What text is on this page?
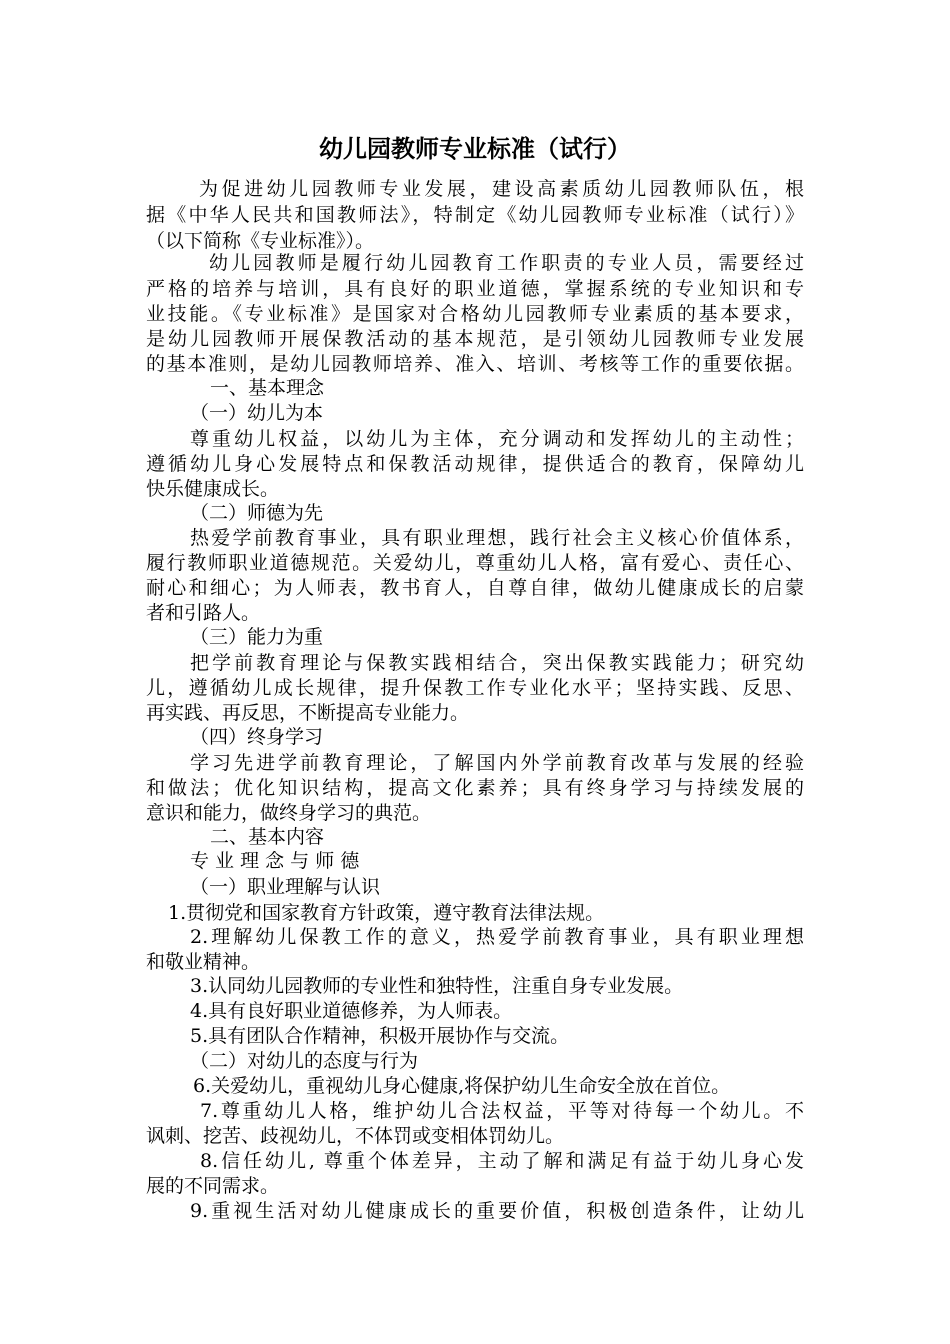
幼儿园教师专业标准（试行）
为促进幼儿园教师专业发展，建设高素质幼儿园教师队伍，根
据《中华人民共和国教师法》，特制定《幼儿园教师专业标准（试行）》
（以下简称《专业标准》）。
幼儿园教师是履行幼儿园教育工作职责的专业人员，需要经过
严格的培养与培训，具有良好的职业道德，掌握系统的专业知识和专
业技能。《专业标准》是国家对合格幼儿园教师专业素质的基本要求，
是幼儿园教师开展保教活动的基本规范，是引领幼儿园教师专业发展
的基本准则，是幼儿园教师培养、准入、培训、考核等工作的重要依据。
一、基本理念
（一）幼儿为本
尊重幼儿权益，以幼儿为主体，充分调动和发挥幼儿的主动性；
遵循幼儿身心发展特点和保教活动规律，提供适合的教育，保障幼儿
快乐健康成长。
（二）师德为先
热爱学前教育事业，具有职业理想，践行社会主义核心价值体系，
履行教师职业道德规范。关爱幼儿，尊重幼儿人格，富有爱心、责任心、
耐心和细心；为人师表，教书育人，自尊自律，做幼儿健康成长的启蒙
者和引路人。
（三）能力为重
把学前教育理论与保教实践相结合，突出保教实践能力；研究幼
儿，遵循幼儿成长规律，提升保教工作专业化水平；坚持实践、反思、
再实践、再反思，不断提高专业能力。
（四）终身学习
学习先进学前教育理论，了解国内外学前教育改革与发展的经验
和做法；优化知识结构，提高文化素养；具有终身学习与持续发展的
意识和能力，做终身学习的典范。
二、基本内容
专 业 理 念 与 师 德
（一）职业理解与认识
1.贯彻党和国家教育方针政策，遵守教育法律法规。
2.理解幼儿保教工作的意义，热爱学前教育事业，具有职业理想
和敬业精神。
3.认同幼儿园教师的专业性和独特性，注重自身专业发展。
4.具有良好职业道德修养，为人师表。
5.具有团队合作精神，积极开展协作与交流。
（二）对幼儿的态度与行为
6.关爱幼儿，重视幼儿身心健康,将保护幼儿生命安全放在首位。
7.尊重幼儿人格，维护幼儿合法权益，平等对待每一个幼儿。不
讽刺、挖苦、歧视幼儿，不体罚或变相体罚幼儿。
8.信任幼儿, 尊重个体差异，主动了解和满足有益于幼儿身心发
展的不同需求。
9.重视生活对幼儿健康成长的重要价值，积极创造条件，让幼儿
